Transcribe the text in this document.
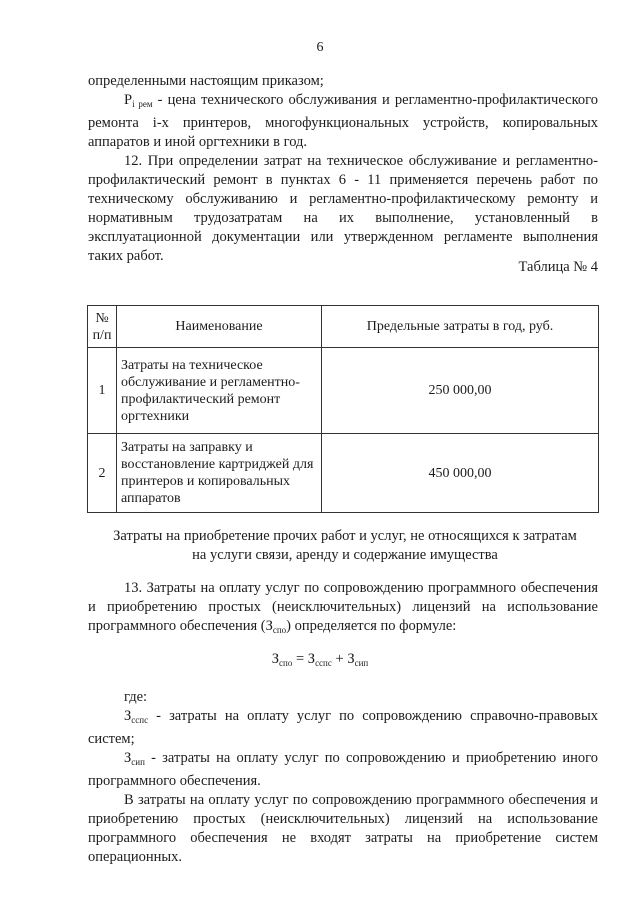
6

определенными настоящим приказом;

$P_{i рем}$ - цена технического обслуживания и регламентно-профилактического ремонта i-х принтеров, многофункциональных устройств, копировальных аппаратов и иной оргтехники в год.

12. При определении затрат на техническое обслуживание и регламентно-профилактический ремонт в пунктах 6 - 11 применяется перечень работ по техническому обслуживанию и регламентно-профилактическому ремонту и нормативным трудозатратам на их выполнение, установленный в эксплуатационной документации или утвержденном регламенте выполнения таких работ.

Таблица № 4
№ п/п	Наименование	Предельные затраты в год, руб.
1	Затраты на техническое обслуживание и регламентно-профилактический ремонт оргтехники	250 000,00
2	Затраты на заправку и восстановление картриджей для принтеров и копировальных аппаратов	450 000,00
Затраты на приобретение прочих работ и услуг, не относящихся к затратам на услуги связи, аренду и содержание имущества

13. Затраты на оплату услуг по сопровождению программного обеспечения и приобретению простых (неисключительных) лицензий на использование программного обеспечения $(З_{спо})$ определяется по формуле:

$З_{спо} = З_{сспс} + З_{сип}$

где:

$З_{сспс}$ - затраты на оплату услуг по сопровождению справочно-правовых систем;

$З_{сип}$ - затраты на оплату услуг по сопровождению и приобретению иного программного обеспечения.

В затраты на оплату услуг по сопровождению программного обеспечения и приобретению простых (неисключительных) лицензий на использование программного обеспечения не входят затраты на приобретение систем операционных.
